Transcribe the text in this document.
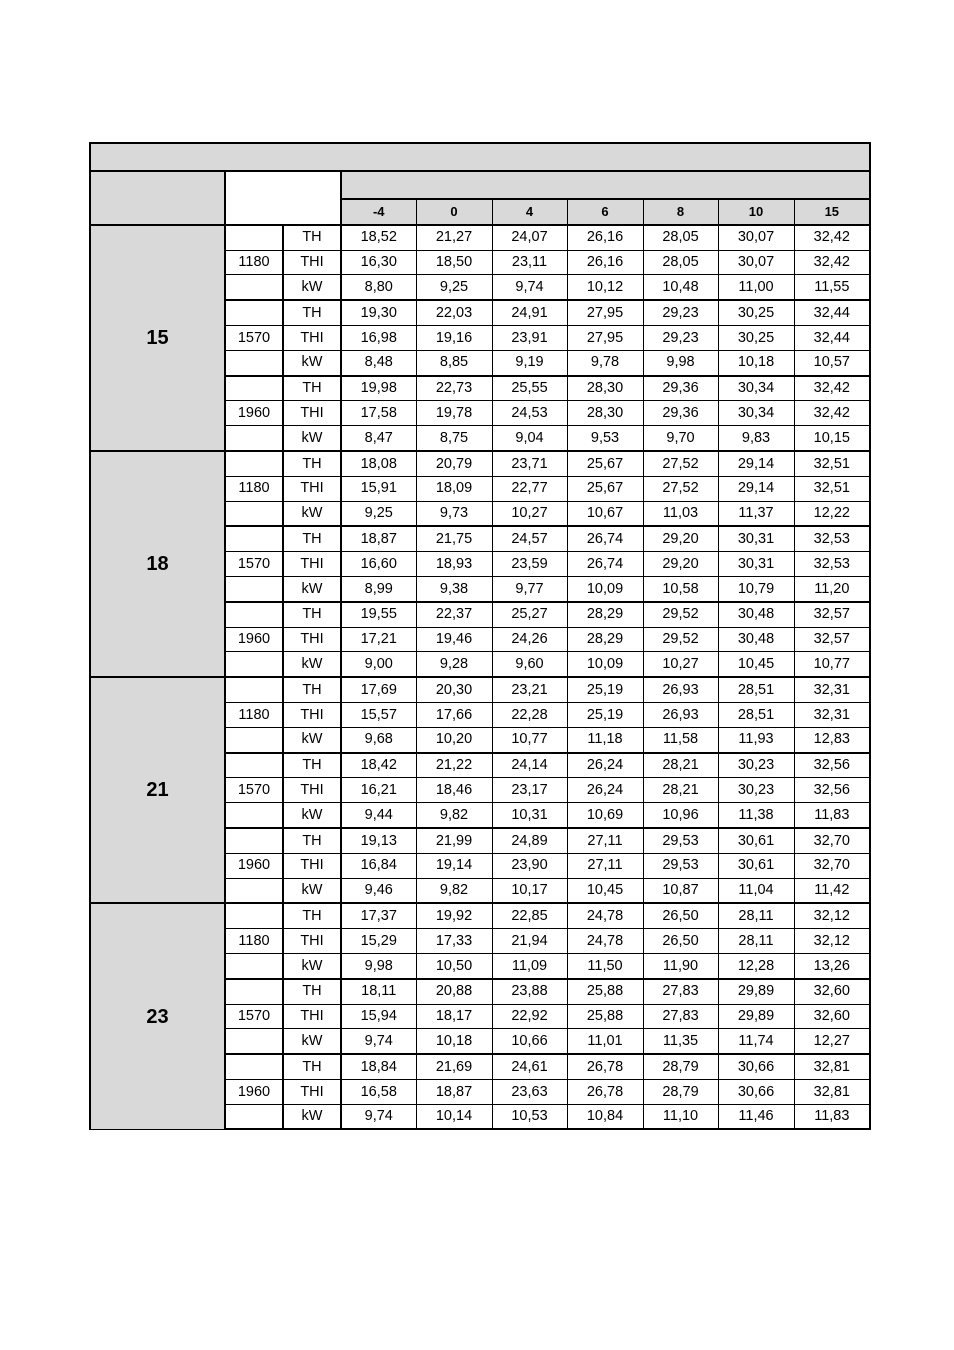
			-4	0	4	6	8	10	15
15		TH	18,52	21,27	24,07	26,16	28,05	30,07	32,42
	1180	THI	16,30	18,50	23,11	26,16	28,05	30,07	32,42
		kW	8,80	9,25	9,74	10,12	10,48	11,00	11,55
		TH	19,30	22,03	24,91	27,95	29,23	30,25	32,44
	1570	THI	16,98	19,16	23,91	27,95	29,23	30,25	32,44
		kW	8,48	8,85	9,19	9,78	9,98	10,18	10,57
		TH	19,98	22,73	25,55	28,30	29,36	30,34	32,42
	1960	THI	17,58	19,78	24,53	28,30	29,36	30,34	32,42
		kW	8,47	8,75	9,04	9,53	9,70	9,83	10,15
18		TH	18,08	20,79	23,71	25,67	27,52	29,14	32,51
	1180	THI	15,91	18,09	22,77	25,67	27,52	29,14	32,51
		kW	9,25	9,73	10,27	10,67	11,03	11,37	12,22
		TH	18,87	21,75	24,57	26,74	29,20	30,31	32,53
	1570	THI	16,60	18,93	23,59	26,74	29,20	30,31	32,53
		kW	8,99	9,38	9,77	10,09	10,58	10,79	11,20
		TH	19,55	22,37	25,27	28,29	29,52	30,48	32,57
	1960	THI	17,21	19,46	24,26	28,29	29,52	30,48	32,57
		kW	9,00	9,28	9,60	10,09	10,27	10,45	10,77
21		TH	17,69	20,30	23,21	25,19	26,93	28,51	32,31
	1180	THI	15,57	17,66	22,28	25,19	26,93	28,51	32,31
		kW	9,68	10,20	10,77	11,18	11,58	11,93	12,83
		TH	18,42	21,22	24,14	26,24	28,21	30,23	32,56
	1570	THI	16,21	18,46	23,17	26,24	28,21	30,23	32,56
		kW	9,44	9,82	10,31	10,69	10,96	11,38	11,83
		TH	19,13	21,99	24,89	27,11	29,53	30,61	32,70
	1960	THI	16,84	19,14	23,90	27,11	29,53	30,61	32,70
		kW	9,46	9,82	10,17	10,45	10,87	11,04	11,42
23		TH	17,37	19,92	22,85	24,78	26,50	28,11	32,12
	1180	THI	15,29	17,33	21,94	24,78	26,50	28,11	32,12
		kW	9,98	10,50	11,09	11,50	11,90	12,28	13,26
		TH	18,11	20,88	23,88	25,88	27,83	29,89	32,60
	1570	THI	15,94	18,17	22,92	25,88	27,83	29,89	32,60
		kW	9,74	10,18	10,66	11,01	11,35	11,74	12,27
		TH	18,84	21,69	24,61	26,78	28,79	30,66	32,81
	1960	THI	16,58	18,87	23,63	26,78	28,79	30,66	32,81
		kW	9,74	10,14	10,53	10,84	11,10	11,46	11,83
